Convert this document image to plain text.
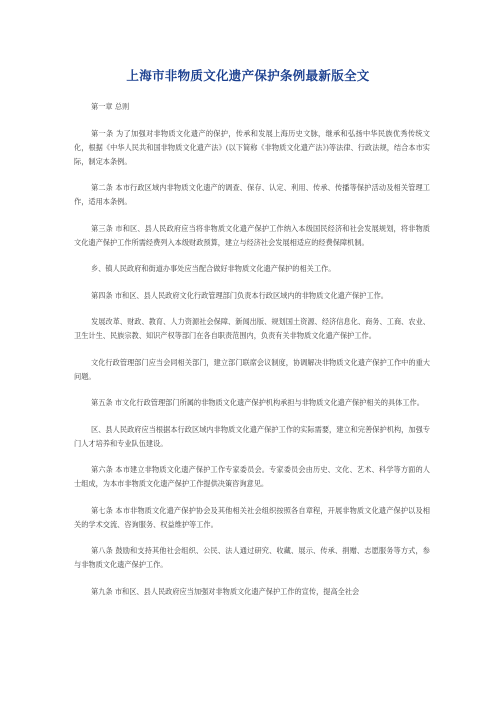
上海市非物质文化遗产保护条例最新版全文

第一章 总则

第一条 为了加强对非物质文化遗产的保护，传承和发展上海历史文脉，继承和弘扬中华民族优秀传统文化，根据《中华人民共和国非物质文化遗产法》(以下简称《非物质文化遗产法》)等法律、行政法规，结合本市实际，制定本条例。

第二条 本市行政区域内非物质文化遗产的调查、保存、认定、利用、传承、传播等保护活动及相关管理工作，适用本条例。

第三条 市和区、县人民政府应当将非物质文化遗产保护工作纳入本级国民经济和社会发展规划，将非物质文化遗产保护工作所需经费列入本级财政预算，建立与经济社会发展相适应的经费保障机制。

乡、镇人民政府和街道办事处应当配合做好非物质文化遗产保护的相关工作。

第四条 市和区、县人民政府文化行政管理部门负责本行政区域内的非物质文化遗产保护工作。

发展改革、财政、教育、人力资源社会保障、新闻出版、规划国土资源、经济信息化、商务、工商、农业、卫生计生、民族宗教、知识产权等部门在各自职责范围内，负责有关非物质文化遗产保护工作。

文化行政管理部门应当会同相关部门，建立部门联席会议制度，协调解决非物质文化遗产保护工作中的重大问题。

第五条 市文化行政管理部门所属的非物质文化遗产保护机构承担与非物质文化遗产保护相关的具体工作。

区、县人民政府应当根据本行政区域内非物质文化遗产保护工作的实际需要，建立和完善保护机构，加强专门人才培养和专业队伍建设。

第六条 本市建立非物质文化遗产保护工作专家委员会。专家委员会由历史、文化、艺术、科学等方面的人士组成，为本市非物质文化遗产保护工作提供决策咨询意见。

第七条 本市非物质文化遗产保护协会及其他相关社会组织按照各自章程，开展非物质文化遗产保护以及相关的学术交流、咨询服务、权益维护等工作。

第八条 鼓励和支持其他社会组织、公民、法人通过研究、收藏、展示、传承、捐赠、志愿服务等方式，参与非物质文化遗产保护工作。

第九条 市和区、县人民政府应当加强对非物质文化遗产保护工作的宣传，提高全社会
